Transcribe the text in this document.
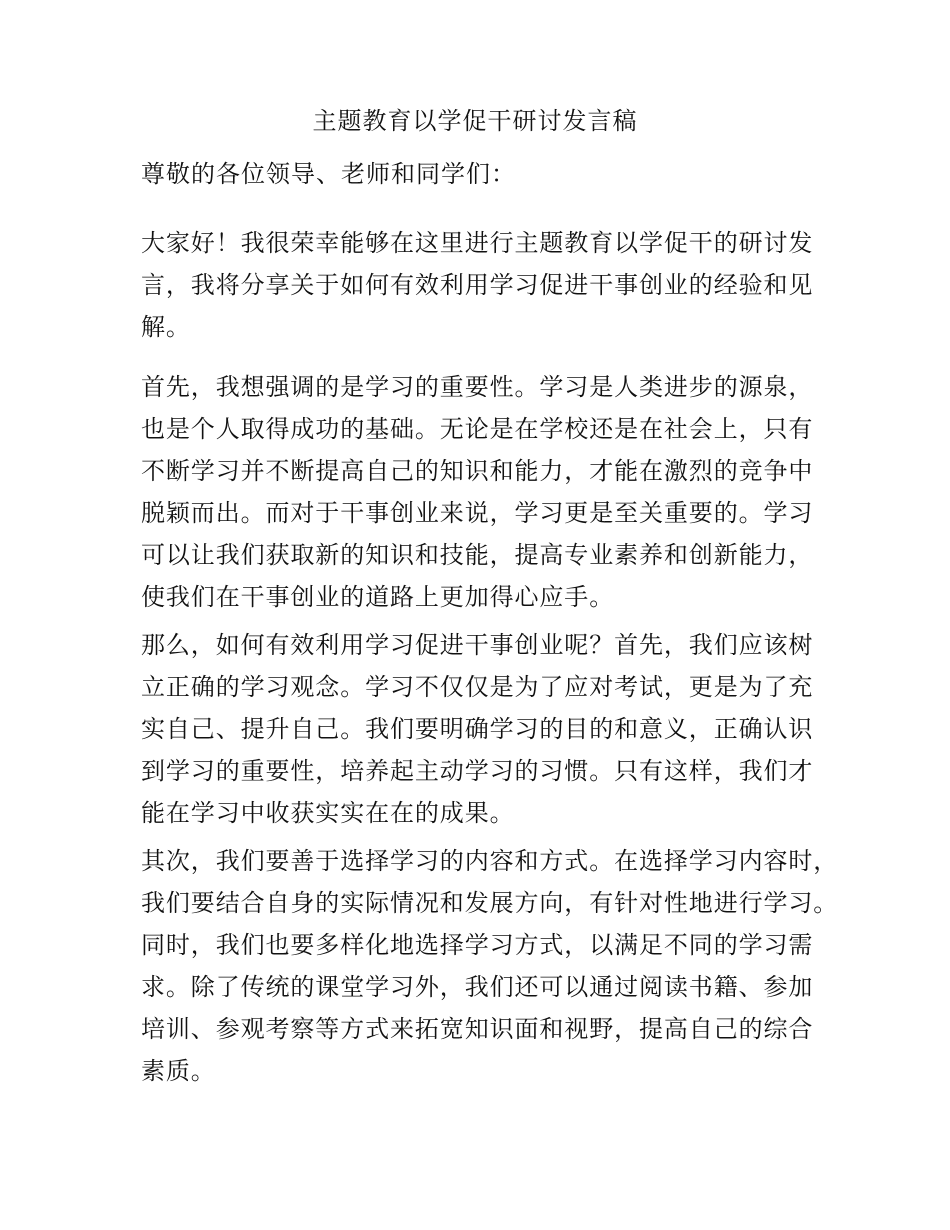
主题教育以学促干研讨发言稿
尊敬的各位领导、老师和同学们：
大家好！我很荣幸能够在这里进行主题教育以学促干的研讨发
言，我将分享关于如何有效利用学习促进干事创业的经验和见
解。
首先，我想强调的是学习的重要性。学习是人类进步的源泉，
也是个人取得成功的基础。无论是在学校还是在社会上，只有
不断学习并不断提高自己的知识和能力，才能在激烈的竞争中
脱颖而出。而对于干事创业来说，学习更是至关重要的。学习
可以让我们获取新的知识和技能，提高专业素养和创新能力，
使我们在干事创业的道路上更加得心应手。
那么，如何有效利用学习促进干事创业呢？首先，我们应该树
立正确的学习观念。学习不仅仅是为了应对考试，更是为了充
实自己、提升自己。我们要明确学习的目的和意义，正确认识
到学习的重要性，培养起主动学习的习惯。只有这样，我们才
能在学习中收获实实在在的成果。
其次，我们要善于选择学习的内容和方式。在选择学习内容时，
我们要结合自身的实际情况和发展方向，有针对性地进行学习。
同时，我们也要多样化地选择学习方式，以满足不同的学习需
求。除了传统的课堂学习外，我们还可以通过阅读书籍、参加
培训、参观考察等方式来拓宽知识面和视野，提高自己的综合
素质。
